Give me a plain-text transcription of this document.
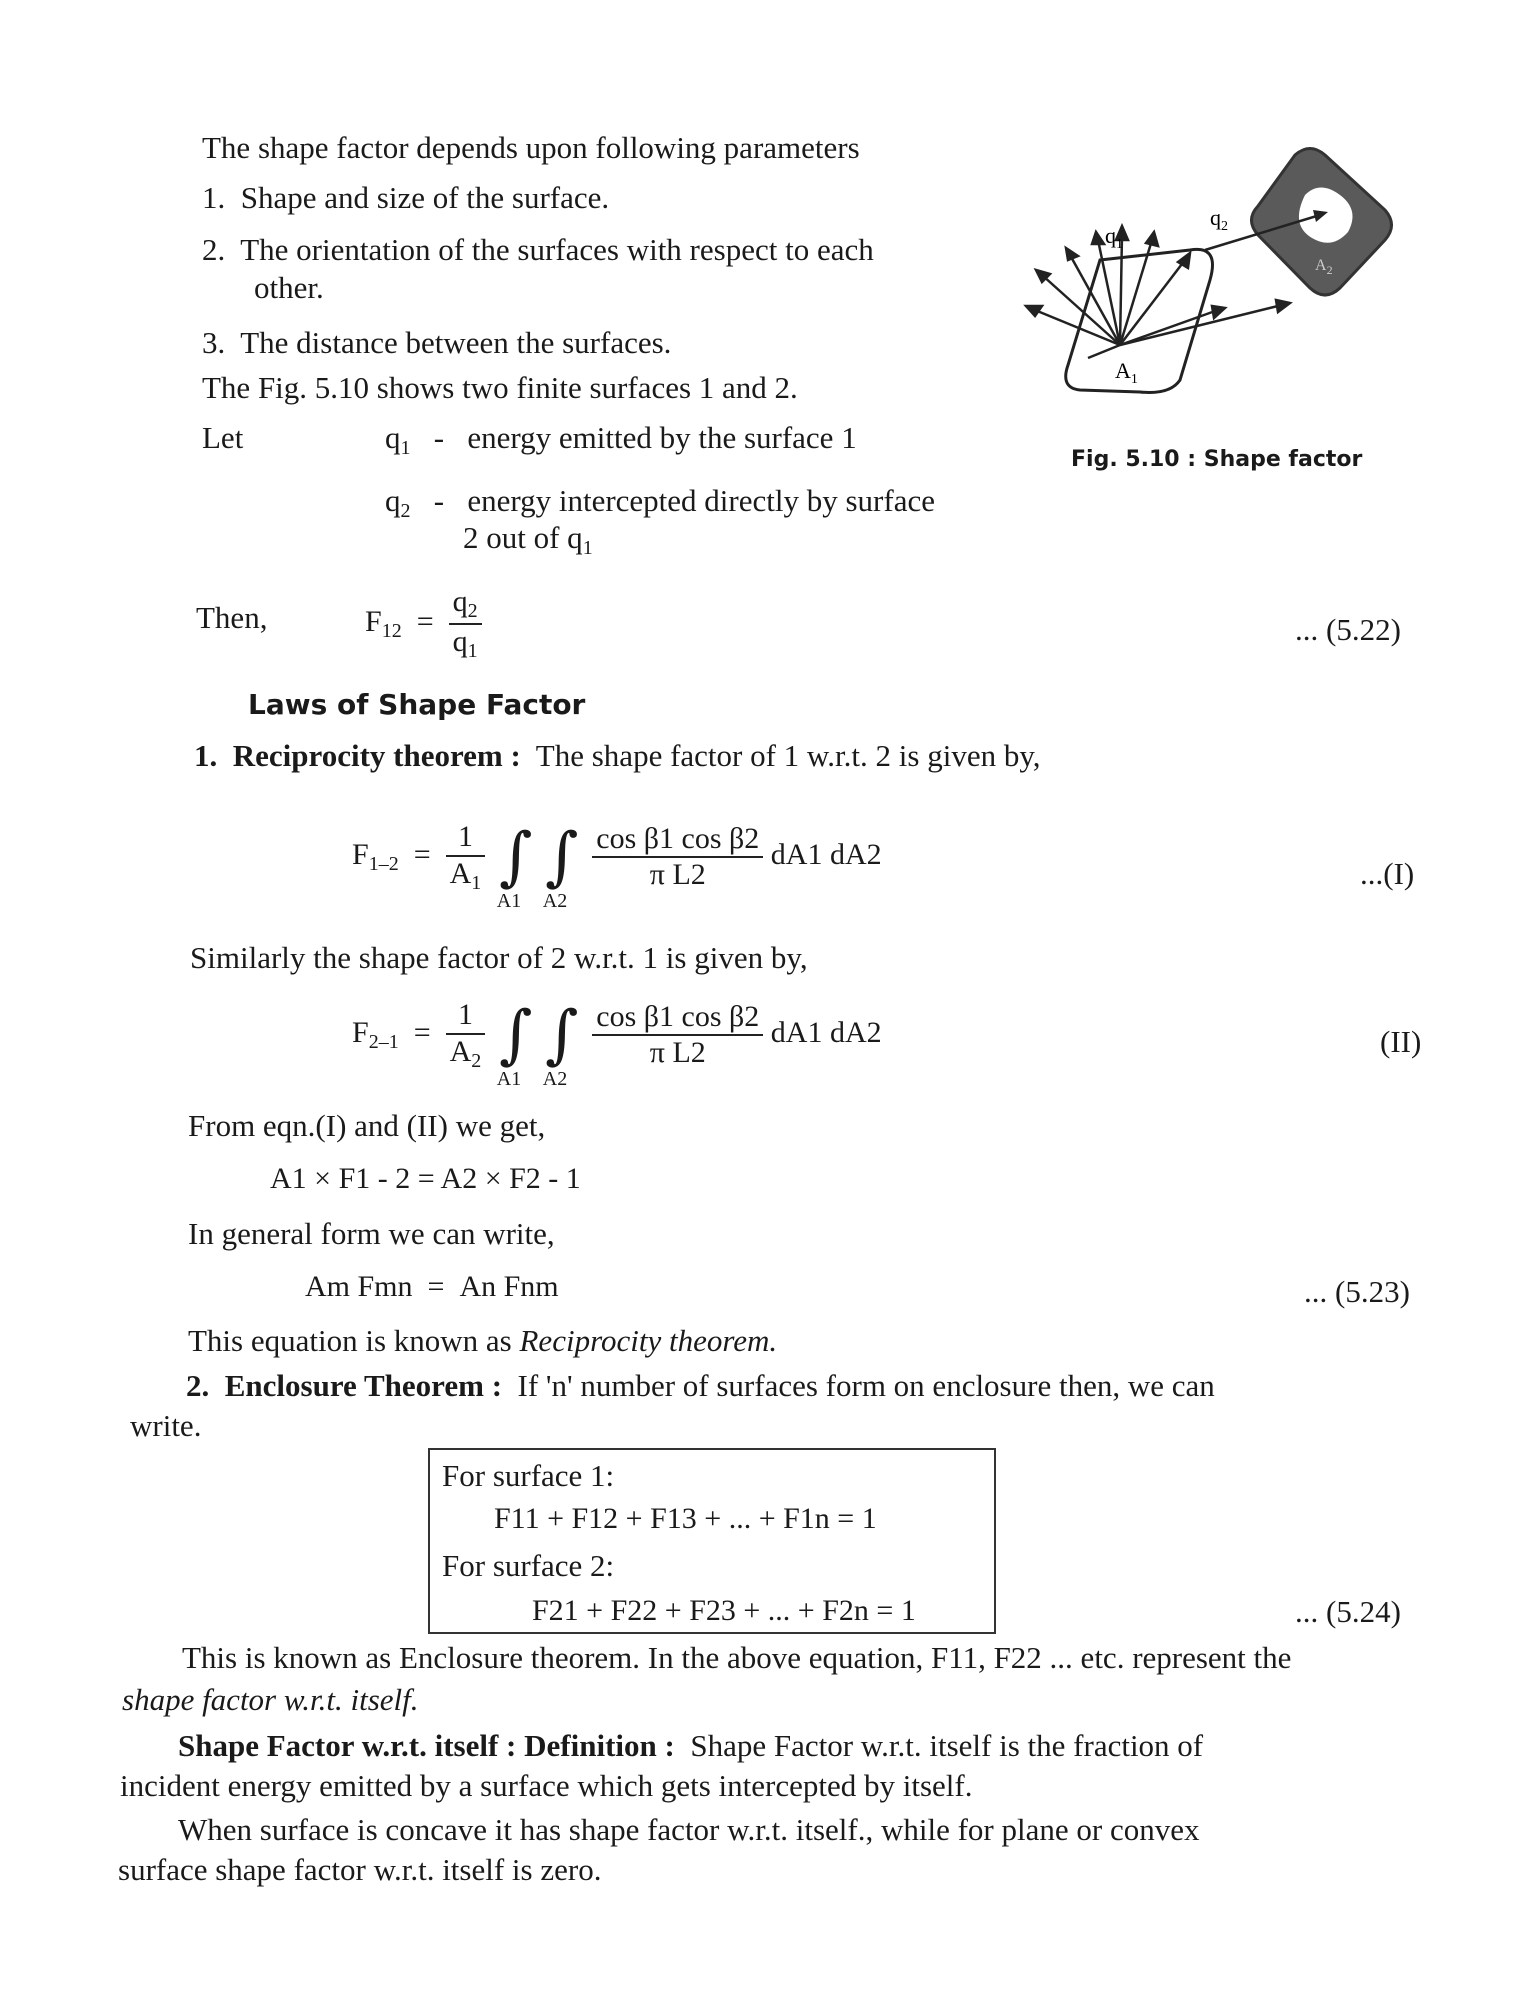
The shape factor depends upon following parameters
1. Shape and size of the surface.
2. The orientation of the surfaces with respect to each
other.
3. The distance between the surfaces.
The Fig. 5.10 shows two finite surfaces 1 and 2.
Let	$q_1$ - energy emitted by the surface 1
$q_2$ - energy intercepted directly by surface
2 out of $q_1$
Then,	$F_{12} = \frac{q_2}{q_1}$	... (5.22)
$q_1$
$q_2$
$A_1$
$A_2$
Fig. 5.10 : Shape factor
Laws of Shape Factor
1. Reciprocity theorem : The shape factor of 1 w.r.t. 2 is given by,
$F_{1-2} = \frac{1}{A_1}$ ∫
A1
∫
A2

$\frac{\text{cos β1 cos β2}}{\text{π L2}} dA1$ dA2
...(I)
Similarly the shape factor of 2 w.r.t. 1 is given by,
$F_{2-1} = \frac{1}{A_2}$ ∫
A1
∫
A2

$\frac{\text{cos β1 cos β2}}{\text{π L2}} dA1$ dA2	(II)
From eqn.(I) and (II) we get,
A1 × F1 - 2 = A2 × F2 - 1
In general form we can write,
Am Fmn  =  An Fnm	... (5.23)
This equation is known as Reciprocity theorem.
2. Enclosure Theorem : If 'n' number of surfaces form on enclosure then, we can
write.
For surface 1:
F11 + F12 + F13 + ... + F1n = 1
For surface 2:
F21 + F22 + F23 + ... + F2n = 1	... (5.24)
This is known as Enclosure theorem. In the above equation, F11, F22 ... etc. represent the
shape factor w.r.t. itself.
Shape Factor w.r.t. itself : Definition : Shape Factor w.r.t. itself is the fraction of
incident energy emitted by a surface which gets intercepted by itself.
When surface is concave it has shape factor w.r.t. itself., while for plane or convex
surface shape factor w.r.t. itself is zero.
